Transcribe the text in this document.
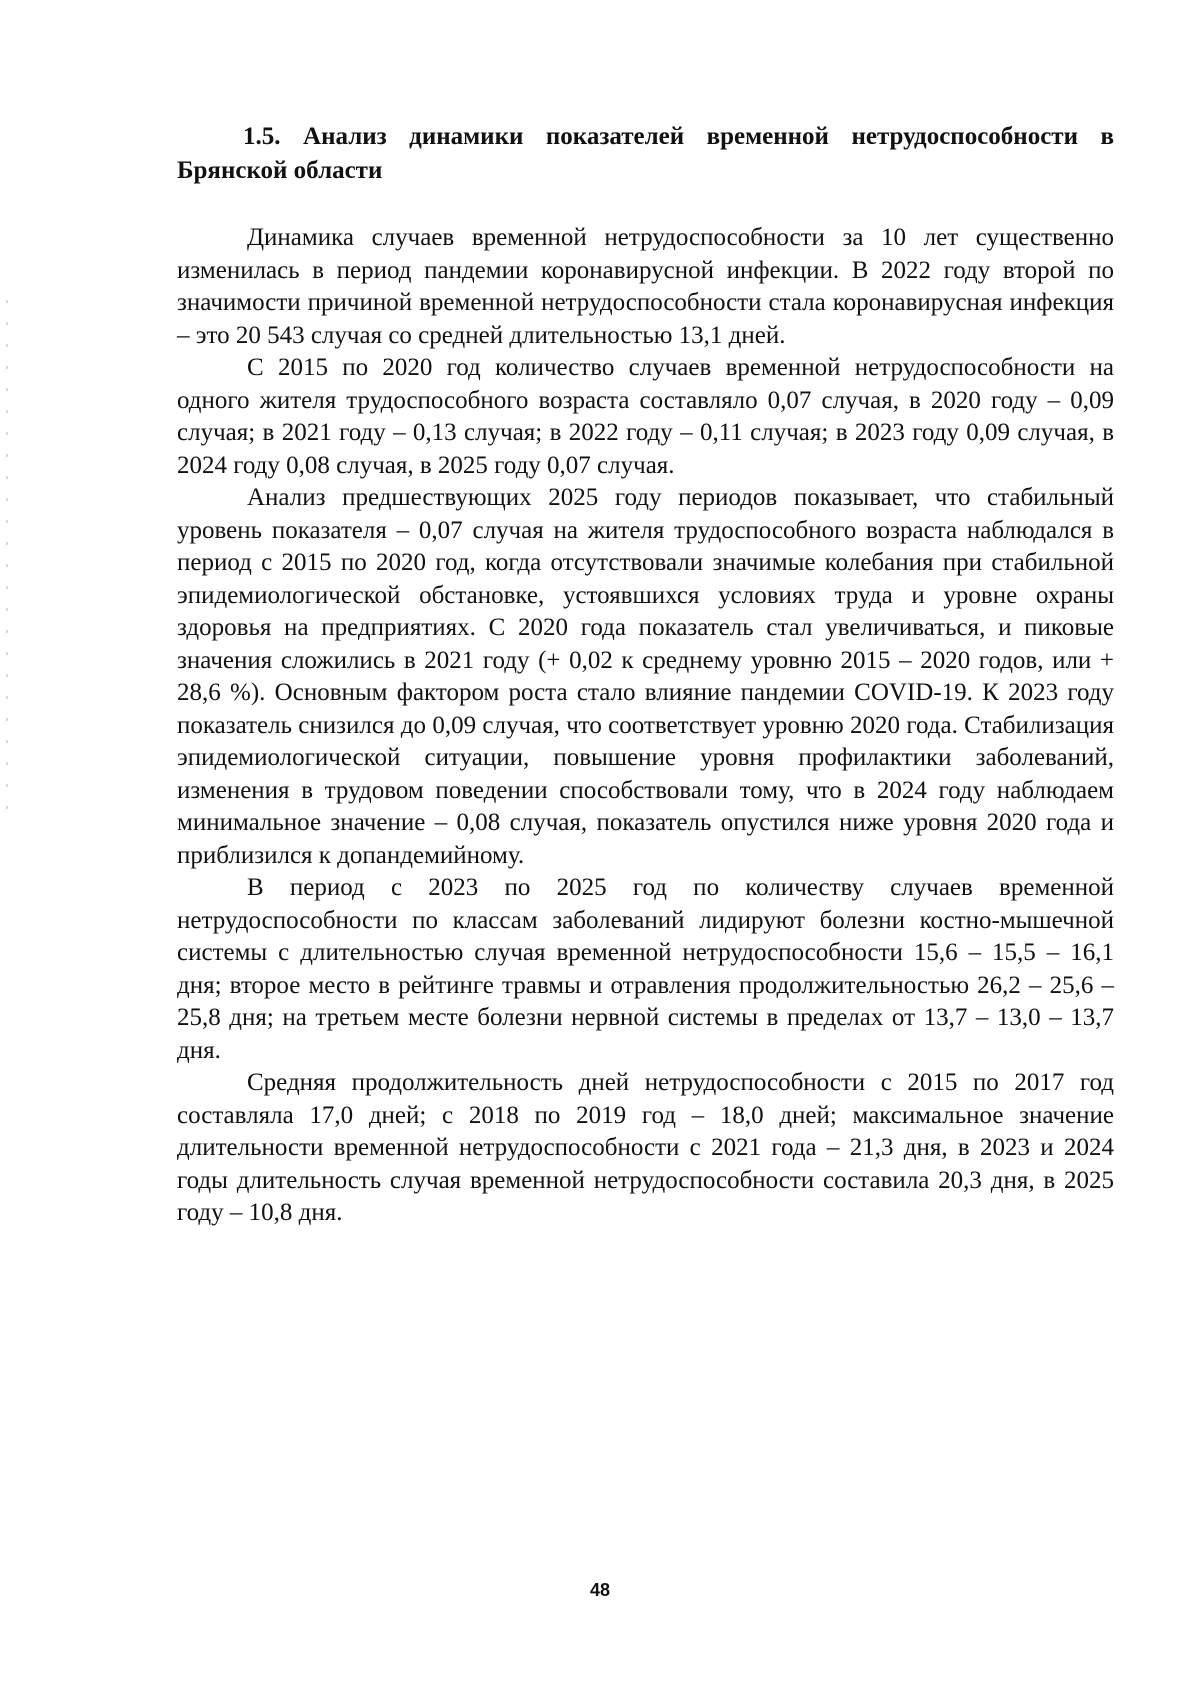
1.5. Анализ динамики показателей временной нетрудоспособности в Брянской области

Динамика случаев временной нетрудоспособности за 10 лет существенно изменилась в период пандемии коронавирусной инфекции. В 2022 году второй по значимости причиной временной нетрудоспособности стала коронавирусная инфекция – это 20 543 случая со средней длительностью 13,1 дней.

С 2015 по 2020 год количество случаев временной нетрудоспособности на одного жителя трудоспособного возраста составляло 0,07 случая, в 2020 году – 0,09 случая; в 2021 году – 0,13 случая; в 2022 году – 0,11 случая; в 2023 году 0,09 случая, в 2024 году 0,08 случая, в 2025 году 0,07 случая.

Анализ предшествующих 2025 году периодов показывает, что стабильный уровень показателя – 0,07 случая на жителя трудоспособного возраста наблюдался в период с 2015 по 2020 год, когда отсутствовали значимые колебания при стабильной эпидемиологической обстановке, устоявшихся условиях труда и уровне охраны здоровья на предприятиях. С 2020 года показатель стал увеличиваться, и пиковые значения сложились в 2021 году (+ 0,02 к среднему уровню 2015 – 2020 годов, или + 28,6 %). Основным фактором роста стало влияние пандемии COVID-19. К 2023 году показатель снизился до 0,09 случая, что соответствует уровню 2020 года. Стабилизация эпидемиологической ситуации, повышение уровня профилактики заболеваний, изменения в трудовом поведении способствовали тому, что в 2024 году наблюдаем минимальное значение – 0,08 случая, показатель опустился ниже уровня 2020 года и приблизился к допандемийному.

В период с 2023 по 2025 год по количеству случаев временной нетрудоспособности по классам заболеваний лидируют болезни костно-мышечной системы с длительностью случая временной нетрудоспособности 15,6 – 15,5 – 16,1 дня; второе место в рейтинге травмы и отравления продолжительностью 26,2 – 25,6 – 25,8 дня; на третьем месте болезни нервной системы в пределах от 13,7 – 13,0 – 13,7 дня.

Средняя продолжительность дней нетрудоспособности с 2015 по 2017 год составляла 17,0 дней; с 2018 по 2019 год – 18,0 дней; максимальное значение длительности временной нетрудоспособности с 2021 года – 21,3 дня, в 2023 и 2024 годы длительность случая временной нетрудоспособности составила 20,3 дня, в 2025 году – 10,8 дня.

48
